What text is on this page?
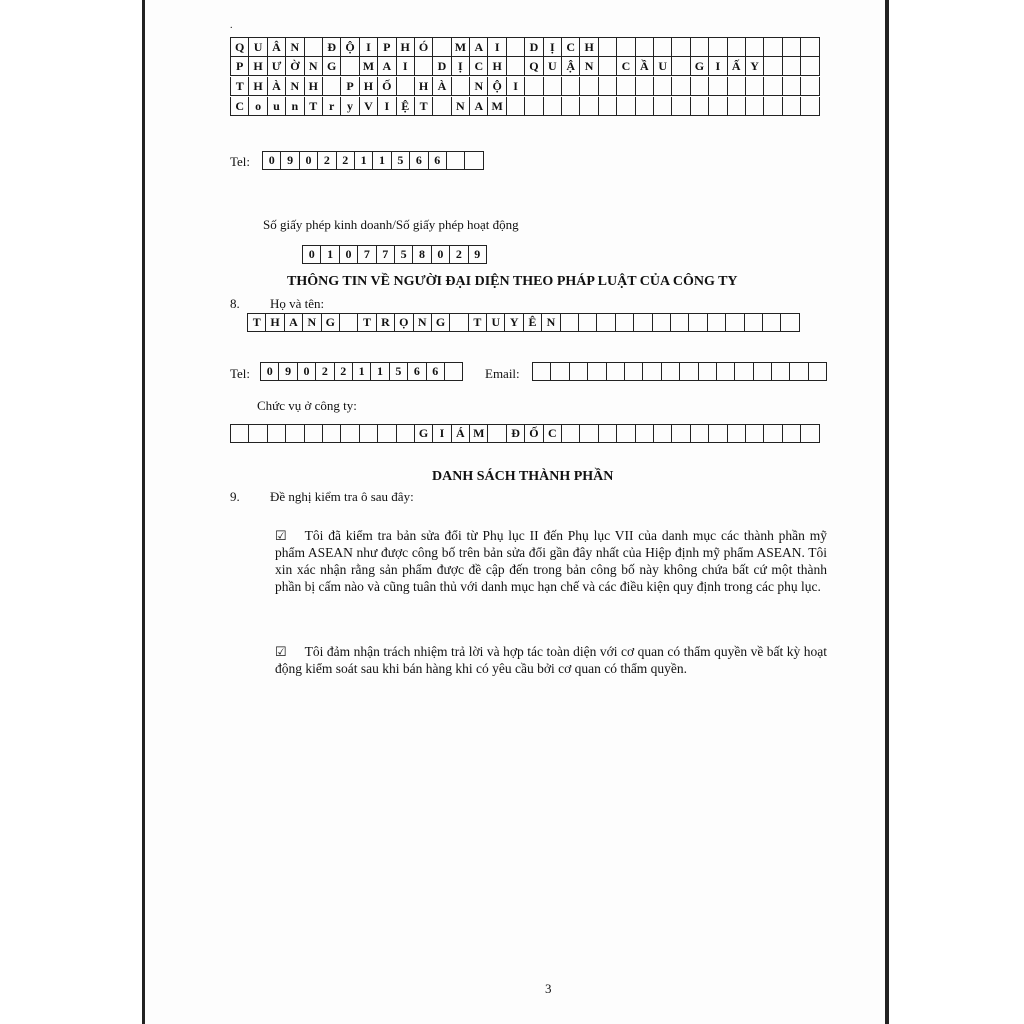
.
Q U Â N	Đ Ộ I	P H Ó	M A I	D Ị C H
P H Ư Ờ N G	M A I	D Ị C H	Q U Ậ N	C Ầ U	G I Ấ Y
T H À N H	P H Ố	H À	N Ộ I
C o	u n T r	y V I	Ệ T	N A M
Tel:	0	9	0	2	2	1	1	5	6	6
Số giấy phép kinh doanh/Số giấy phép hoạt động
0	1	0	7	7	5	8	0	2	9
THÔNG TIN VỀ NGƯỜI ĐẠI DIỆN THEO PHÁP LUẬT CỦA CÔNG TY
8. Họ và tên:
T H A N G	T R Ọ N G	T U Y Ê N
Tel:	0	9	0	2	2	1	1	5	6	6	Email:
Chức vụ ở công ty:
G I Á M	Đ Ố C
DANH SÁCH THÀNH PHẦN
9. Đề nghị kiểm tra ô sau đây:

☑ Tôi đã kiểm tra bản sửa đổi từ Phụ lục II đến Phụ lục VII của danh mục các thành phần mỹ phẩm ASEAN như được công bố trên bản sửa đổi gần đây nhất của Hiệp định mỹ phẩm ASEAN. Tôi xin xác nhận rằng sản phẩm được đề cập đến trong bản công bố này không chứa bất cứ một thành phần bị cấm nào và cũng tuân thủ với danh mục hạn chế và các điều kiện quy định trong các phụ lục.

☑ Tôi đảm nhận trách nhiệm trả lời và hợp tác toàn diện với cơ quan có thẩm quyền về bất kỳ hoạt động kiểm soát sau khi bán hàng khi có yêu cầu bởi cơ quan có thẩm quyền.

3
